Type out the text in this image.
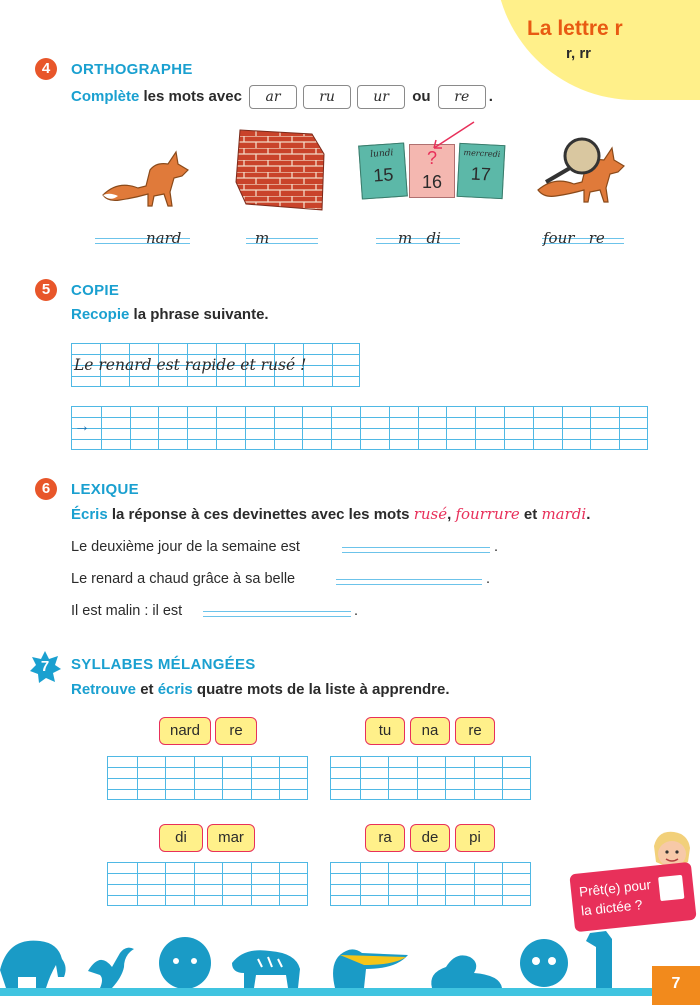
La lettre r
r, rr
4	ORTHOGRAPHE
Complète les mots avec ar	ru	ur ou re .
lundi
15
?
16
mercredi
17
nard	m	m   di	four   re
5	COPIE
Recopie la phrase suivante.
Le renard est rapide et rusé !
→
6	LEXIQUE
Écris la réponse à ces devinettes avec les mots rusé, fourrure et mardi.
Le deuxième jour de la semaine est	.
Le renard a chaud grâce à sa belle	.
Il est malin : il est	.
7	SYLLABES MÉLANGÉES
Retrouve et écris quatre mots de la liste à apprendre.
nard	re	tu	na	re
di	mar	ra	de	pi
Prêt(e) pour
la dictée ?
7
